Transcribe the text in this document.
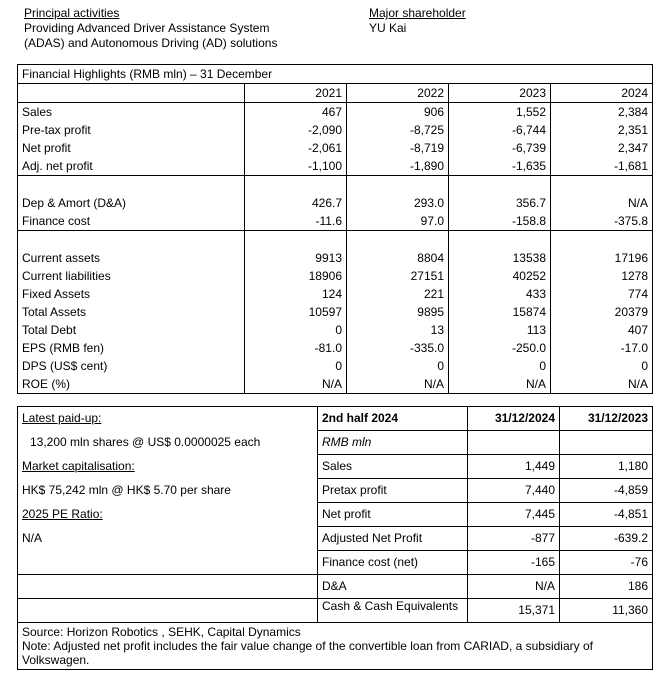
Principal activities
Providing Advanced Driver Assistance System
(ADAS) and Autonomous Driving (AD) solutions
Major shareholder
YU Kai
Financial Highlights (RMB mln) – 31 December				
	2021	2022	2023	2024
Sales	467	906	1,552	2,384
Pre-tax profit	-2,090	-8,725	-6,744	2,351
Net profit	-2,061	-8,719	-6,739	2,347
Adj. net profit	-1,100	-1,890	-1,635	-1,681

Dep & Amort (D&A)	426.7	293.0	356.7	N/A
Finance cost	-11.6	97.0	-158.8	-375.8

Current assets	9913	8804	13538	17196
Current liabilities	18906	27151	40252	1278
Fixed Assets	124	221	433	774
Total Assets	10597	9895	15874	20379
Total Debt	0	13	113	407
EPS (RMB fen)	-81.0	-335.0	-250.0	-17.0
DPS (US$ cent)	0	0	0	0
ROE (%)	N/A	N/A	N/A	N/A
Latest paid-up:	2nd half 2024	31/12/2024	31/12/2023
13,200 mln shares @ US$ 0.0000025 each	RMB mln		
Market capitalisation:	Sales	1,449	1,180
HK$ 75,242 mln @ HK$ 5.70 per share	Pretax profit	7,440	-4,859
2025 PE Ratio:	Net profit	7,445	-4,851
N/A	Adjusted Net Profit	-877	-639.2
	Finance cost (net)	-165	-76
	D&A	N/A	186
	Cash & Cash Equivalents	15,371	11,360

Source: Horizon Robotics , SEHK, Capital Dynamics
Note: Adjusted net profit includes the fair value change of the convertible loan from CARIAD, a subsidiary of Volkswagen.			
